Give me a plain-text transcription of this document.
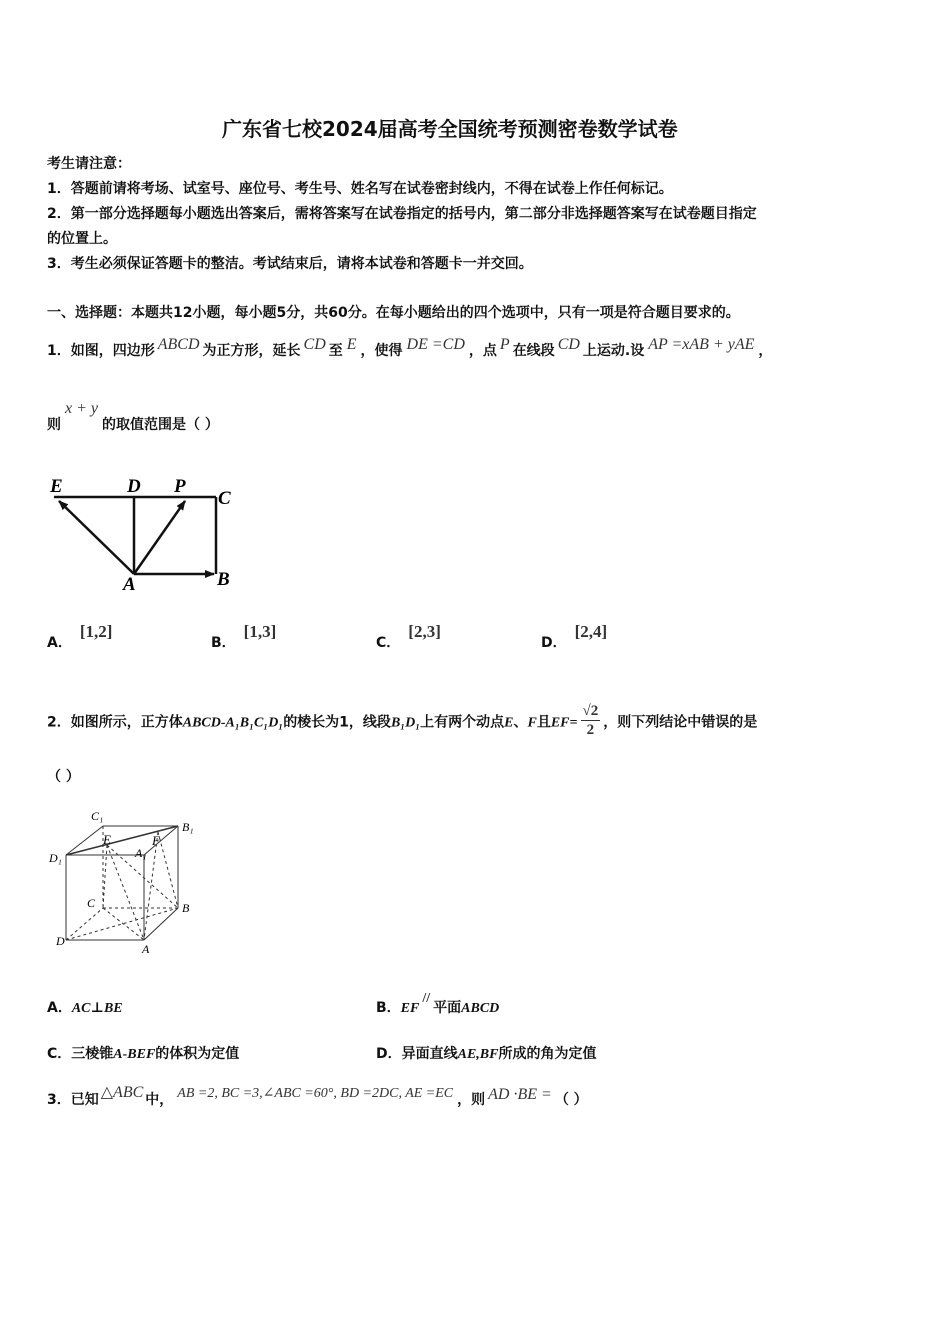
广东省七校2024届高考全国统考预测密卷数学试卷
考生请注意：
1．答题前请将考场、试室号、座位号、考生号、姓名写在试卷密封线内，不得在试卷上作任何标记。
2．第一部分选择题每小题选出答案后，需将答案写在试卷指定的括号内，第二部分非选择题答案写在试卷题目指定
的位置上。
3．考生必须保证答题卡的整洁。考试结束后，请将本试卷和答题卡一并交回。
一、选择题：本题共12小题，每小题5分，共60分。在每小题给出的四个选项中，只有一项是符合题目要求的。
1．如图，四边形 ABCD 为正方形，延长 CD 至 E ，使得 DE =CD ，点 P 在线段 CD 上运动.设 AP =xAB + yAE ，
则x + y的取值范围是（ ）
E	D P
C
A	B
A．[1,2]
B．[1,3]
C．[2,3]
D．[2,4]
2．如图所示，正方体ABCD-A₁B₁C₁D₁的棱长为1，线段B₁D₁上有两个动点E、F且$EF= \frac{√2}{2}$ ，则下列结论中错误的是
（ ）
C₁
B₁
D₁	A₁
E	F
C	B
D
A
A．AC⊥BE	B．EF//平面ABCD
C．三棱锥A-BEF的体积为定值	D．异面直线AE,BF所成的角为定值
3．已知 △ABC 中， AB =2, BC =3,∠ABC =60°, BD =2DC, AE =EC ，则 AD ·BE = （ ）
